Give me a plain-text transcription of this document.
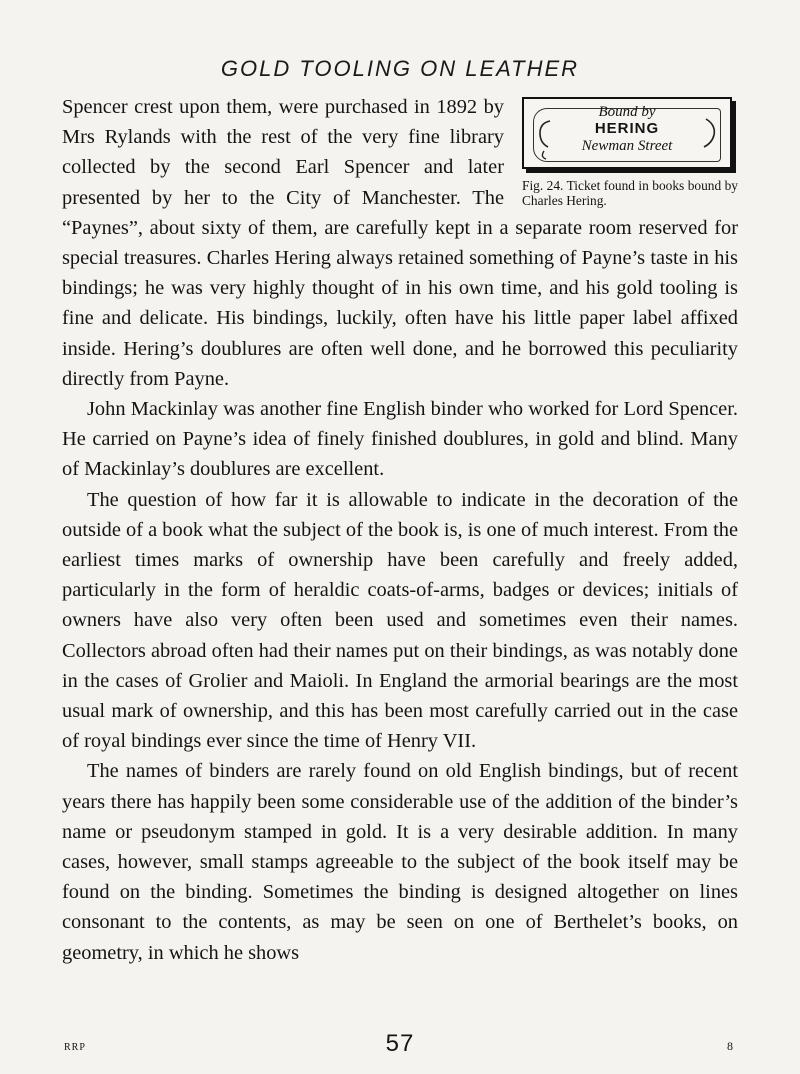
GOLD TOOLING ON LEATHER
Bound by
HERING
Newman Street
Fig. 24. Ticket found in books bound by Charles Hering.

Spencer crest upon them, were purchased in 1892 by Mrs Rylands with the rest of the very fine library collected by the second Earl Spencer and later presented by her to the City of Manchester. The “Paynes”, about sixty of them, are carefully kept in a separate room reserved for special treasures. Charles Hering always retained something of Payne’s taste in his bindings; he was very highly thought of in his own time, and his gold tooling is fine and delicate. His bindings, luckily, often have his little paper label affixed inside. Hering’s doublures are often well done, and he borrowed this peculiarity directly from Payne.

John Mackinlay was another fine English binder who worked for Lord Spencer. He carried on Payne’s idea of finely finished doublures, in gold and blind. Many of Mackinlay’s doublures are excellent.

The question of how far it is allowable to indicate in the decoration of the outside of a book what the subject of the book is, is one of much interest. From the earliest times marks of ownership have been carefully and freely added, particularly in the form of heraldic coats-of-arms, badges or devices; initials of owners have also very often been used and sometimes even their names. Collectors abroad often had their names put on their bindings, as was notably done in the cases of Grolier and Maioli. In England the armorial bearings are the most usual mark of ownership, and this has been most carefully carried out in the case of royal bindings ever since the time of Henry VII.

The names of binders are rarely found on old English bindings, but of recent years there has happily been some considerable use of the addition of the binder’s name or pseudonym stamped in gold. It is a very desirable addition. In many cases, however, small stamps agreeable to the subject of the book itself may be found on the binding. Sometimes the binding is designed altogether on lines consonant to the contents, as may be seen on one of Berthelet’s books, on geometry, in which he shows

RRP	57	8
